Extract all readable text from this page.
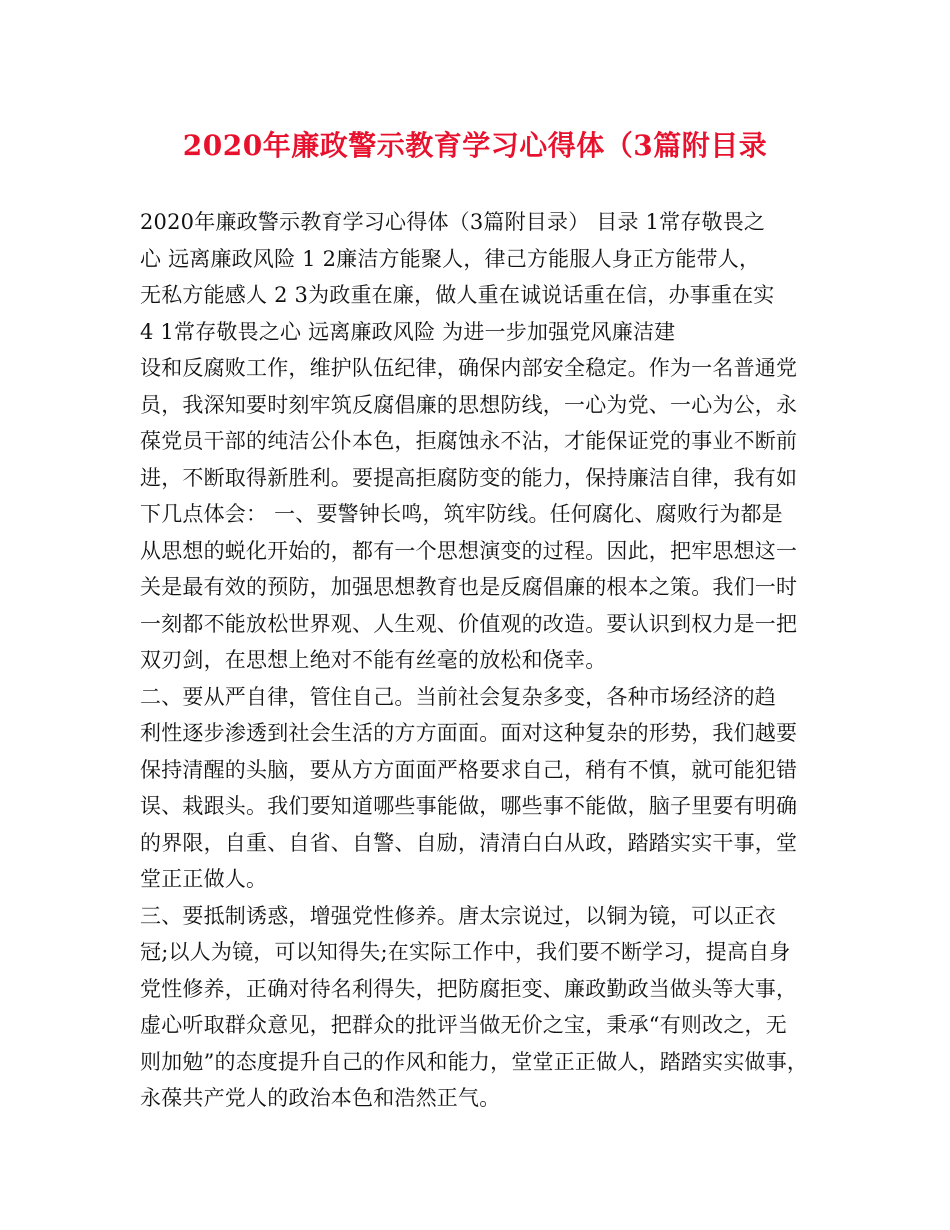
2020年廉政警示教育学习心得体（3篇附目录
2020年廉政警示教育学习心得体（3篇附目录） 目录 1常存敬畏之
心 远离廉政风险 1 2廉洁方能聚人，律己方能服人身正方能带人，
无私方能感人 2 3为政重在廉，做人重在诚说话重在信，办事重在实
4 1常存敬畏之心 远离廉政风险 为进一步加强党风廉洁建
设和反腐败工作，维护队伍纪律，确保内部安全稳定。作为一名普通党
员，我深知要时刻牢筑反腐倡廉的思想防线，一心为党、一心为公，永
葆党员干部的纯洁公仆本色，拒腐蚀永不沾，才能保证党的事业不断前
进，不断取得新胜利。要提高拒腐防变的能力，保持廉洁自律，我有如
下几点体会： 一、要警钟长鸣，筑牢防线。任何腐化、腐败行为都是
从思想的蜕化开始的，都有一个思想演变的过程。因此，把牢思想这一
关是最有效的预防，加强思想教育也是反腐倡廉的根本之策。我们一时
一刻都不能放松世界观、人生观、价值观的改造。要认识到权力是一把
双刃剑，在思想上绝对不能有丝毫的放松和侥幸。
二、要从严自律，管住自己。当前社会复杂多变，各种市场经济的趋
利性逐步渗透到社会生活的方方面面。面对这种复杂的形势，我们越要
保持清醒的头脑，要从方方面面严格要求自己，稍有不慎，就可能犯错
误、栽跟头。我们要知道哪些事能做，哪些事不能做，脑子里要有明确
的界限，自重、自省、自警、自励，清清白白从政，踏踏实实干事，堂
堂正正做人。
三、要抵制诱惑，增强党性修养。唐太宗说过，以铜为镜，可以正衣
冠;以人为镜，可以知得失;在实际工作中，我们要不断学习，提高自身
党性修养，正确对待名利得失，把防腐拒变、廉政勤政当做头等大事，
虚心听取群众意见，把群众的批评当做无价之宝，秉承“有则改之，无
则加勉”的态度提升自己的作风和能力，堂堂正正做人，踏踏实实做事，
永葆共产党人的政治本色和浩然正气。
